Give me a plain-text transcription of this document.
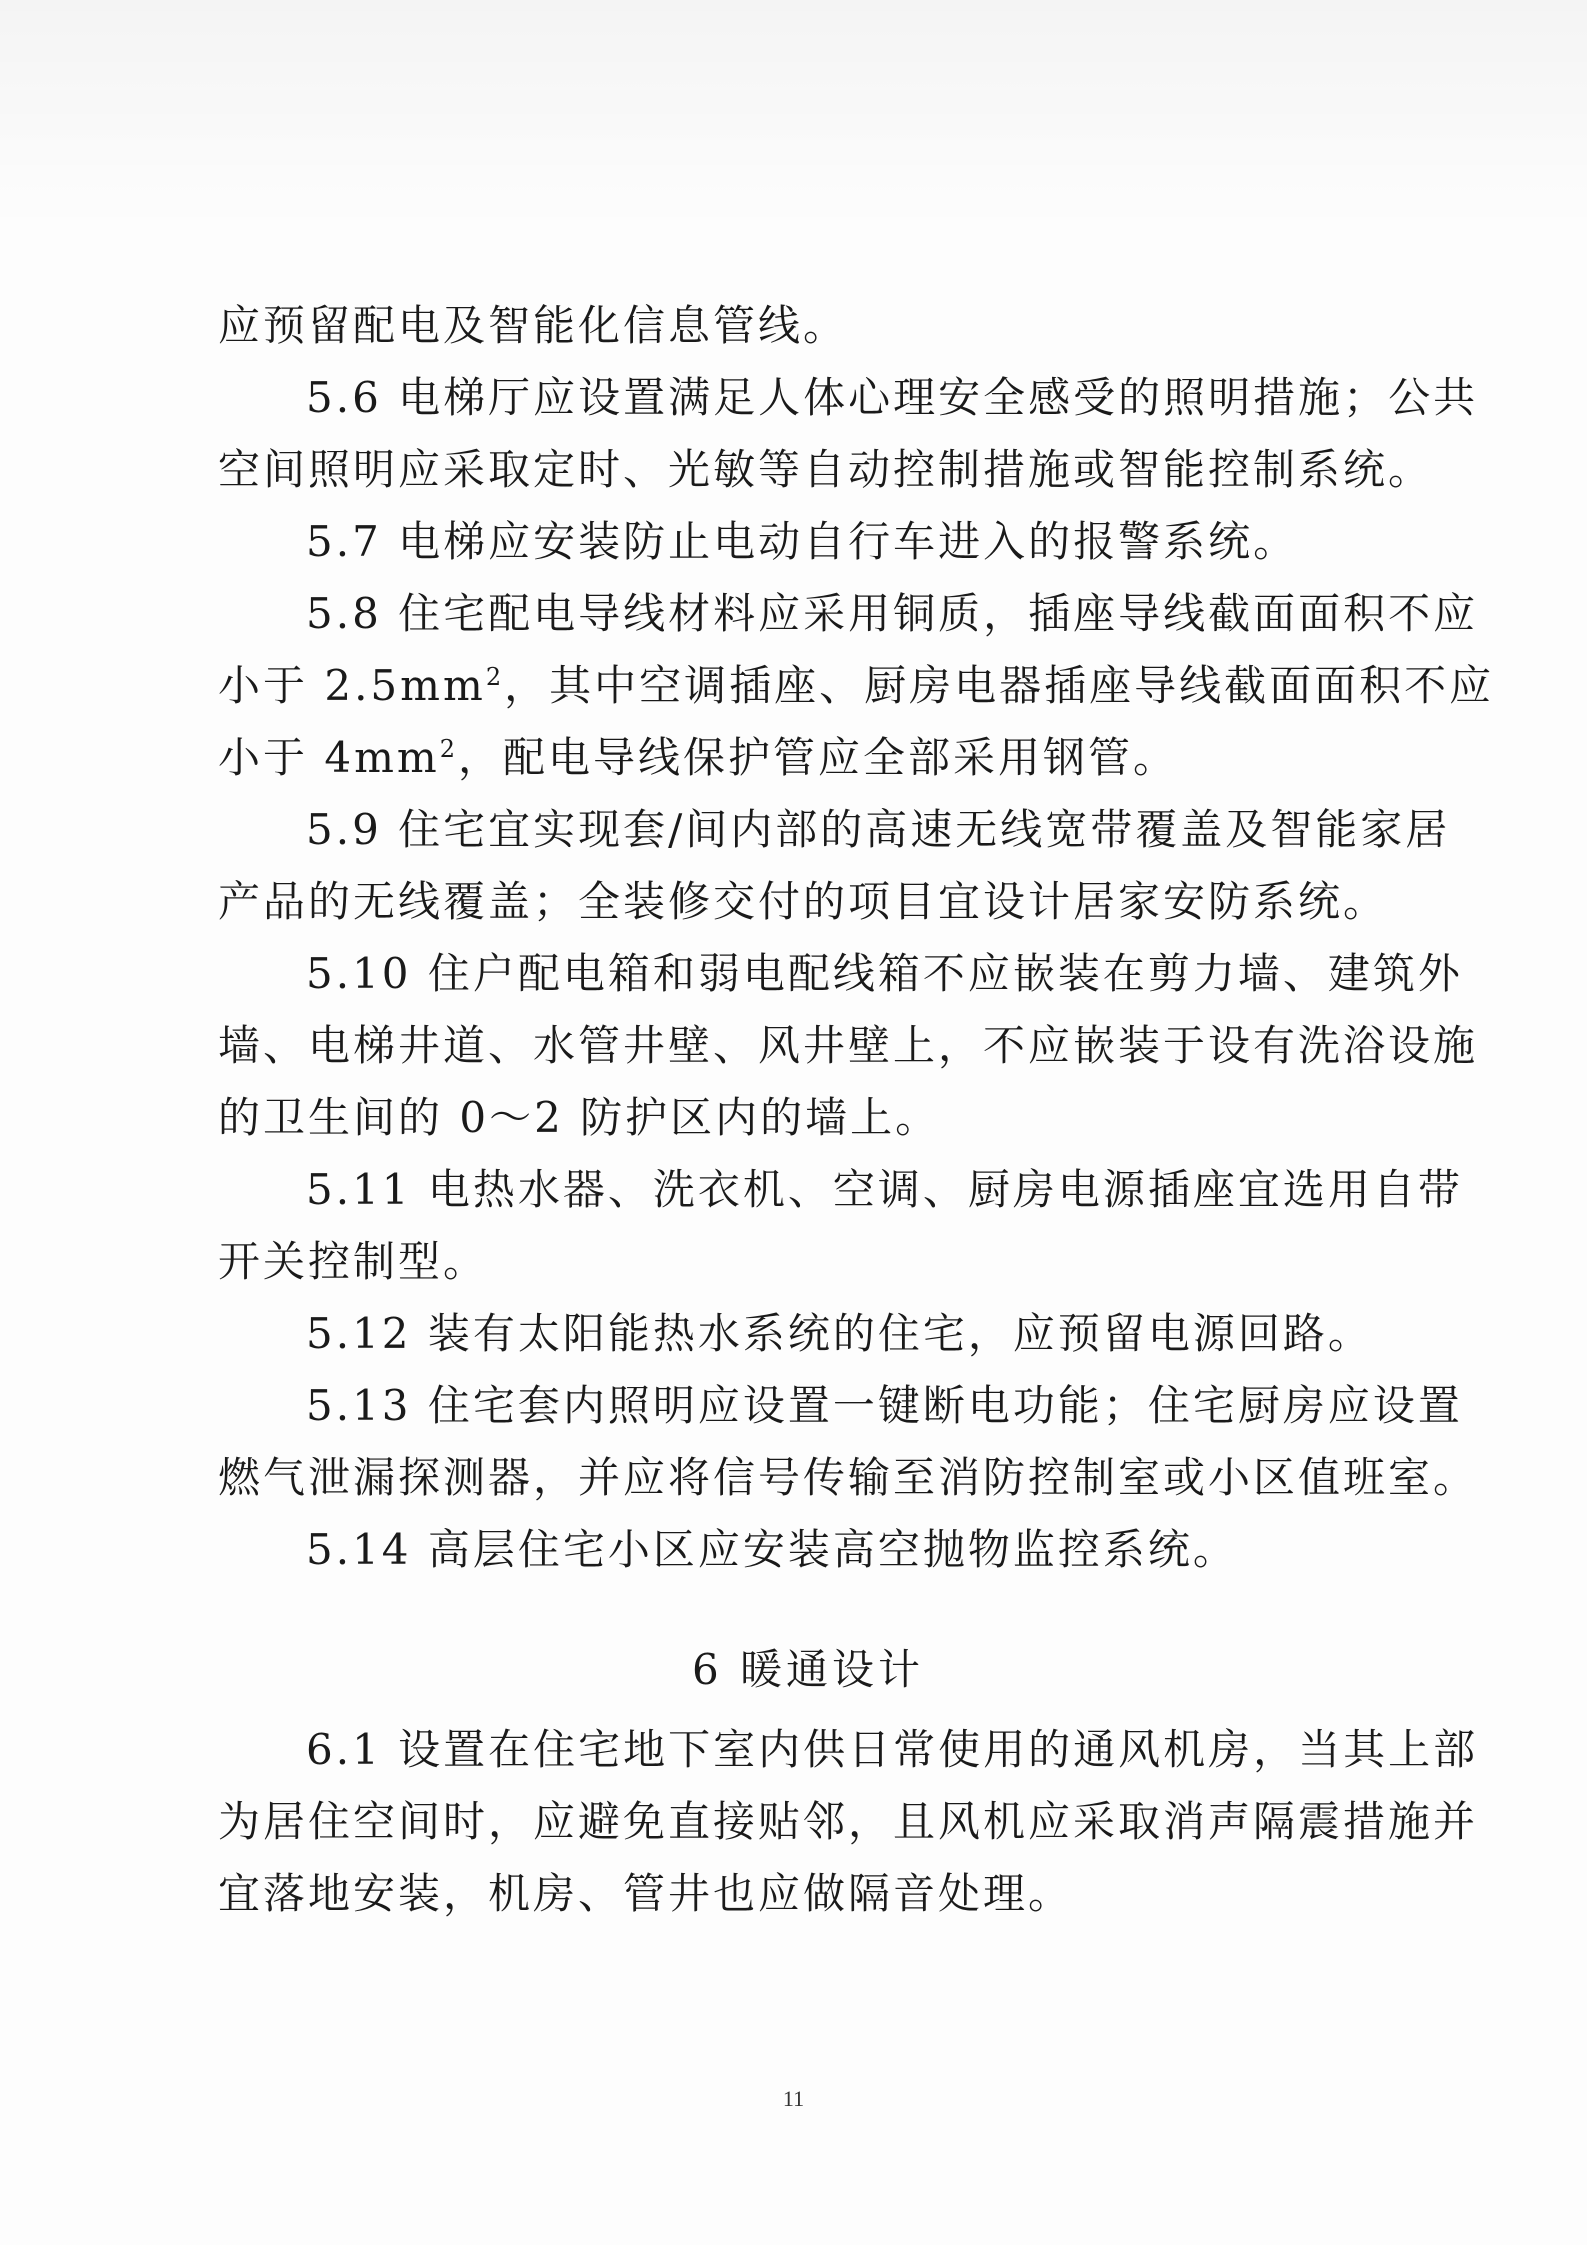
应预留配电及智能化信息管线。

5.6 电梯厅应设置满足人体心理安全感受的照明措施；公共

空间照明应采取定时、光敏等自动控制措施或智能控制系统。

5.7 电梯应安装防止电动自行车进入的报警系统。

5.8 住宅配电导线材料应采用铜质，插座导线截面面积不应

小于 $2.5mm^2$，其中空调插座、厨房电器插座导线截面面积不应

小于 $4mm^2$，配电导线保护管应全部采用钢管。

5.9 住宅宜实现套/间内部的高速无线宽带覆盖及智能家居

产品的无线覆盖；全装修交付的项目宜设计居家安防系统。

5.10 住户配电箱和弱电配线箱不应嵌装在剪力墙、建筑外

墙、电梯井道、水管井壁、风井壁上，不应嵌装于设有洗浴设施

的卫生间的 0～2 防护区内的墙上。

5.11 电热水器、洗衣机、空调、厨房电源插座宜选用自带

开关控制型。

5.12 装有太阳能热水系统的住宅，应预留电源回路。

5.13 住宅套内照明应设置一键断电功能；住宅厨房应设置

燃气泄漏探测器，并应将信号传输至消防控制室或小区值班室。

5.14 高层住宅小区应安装高空抛物监控系统。

6 暖通设计

6.1 设置在住宅地下室内供日常使用的通风机房，当其上部

为居住空间时，应避免直接贴邻，且风机应采取消声隔震措施并

宜落地安装，机房、管井也应做隔音处理。

11
